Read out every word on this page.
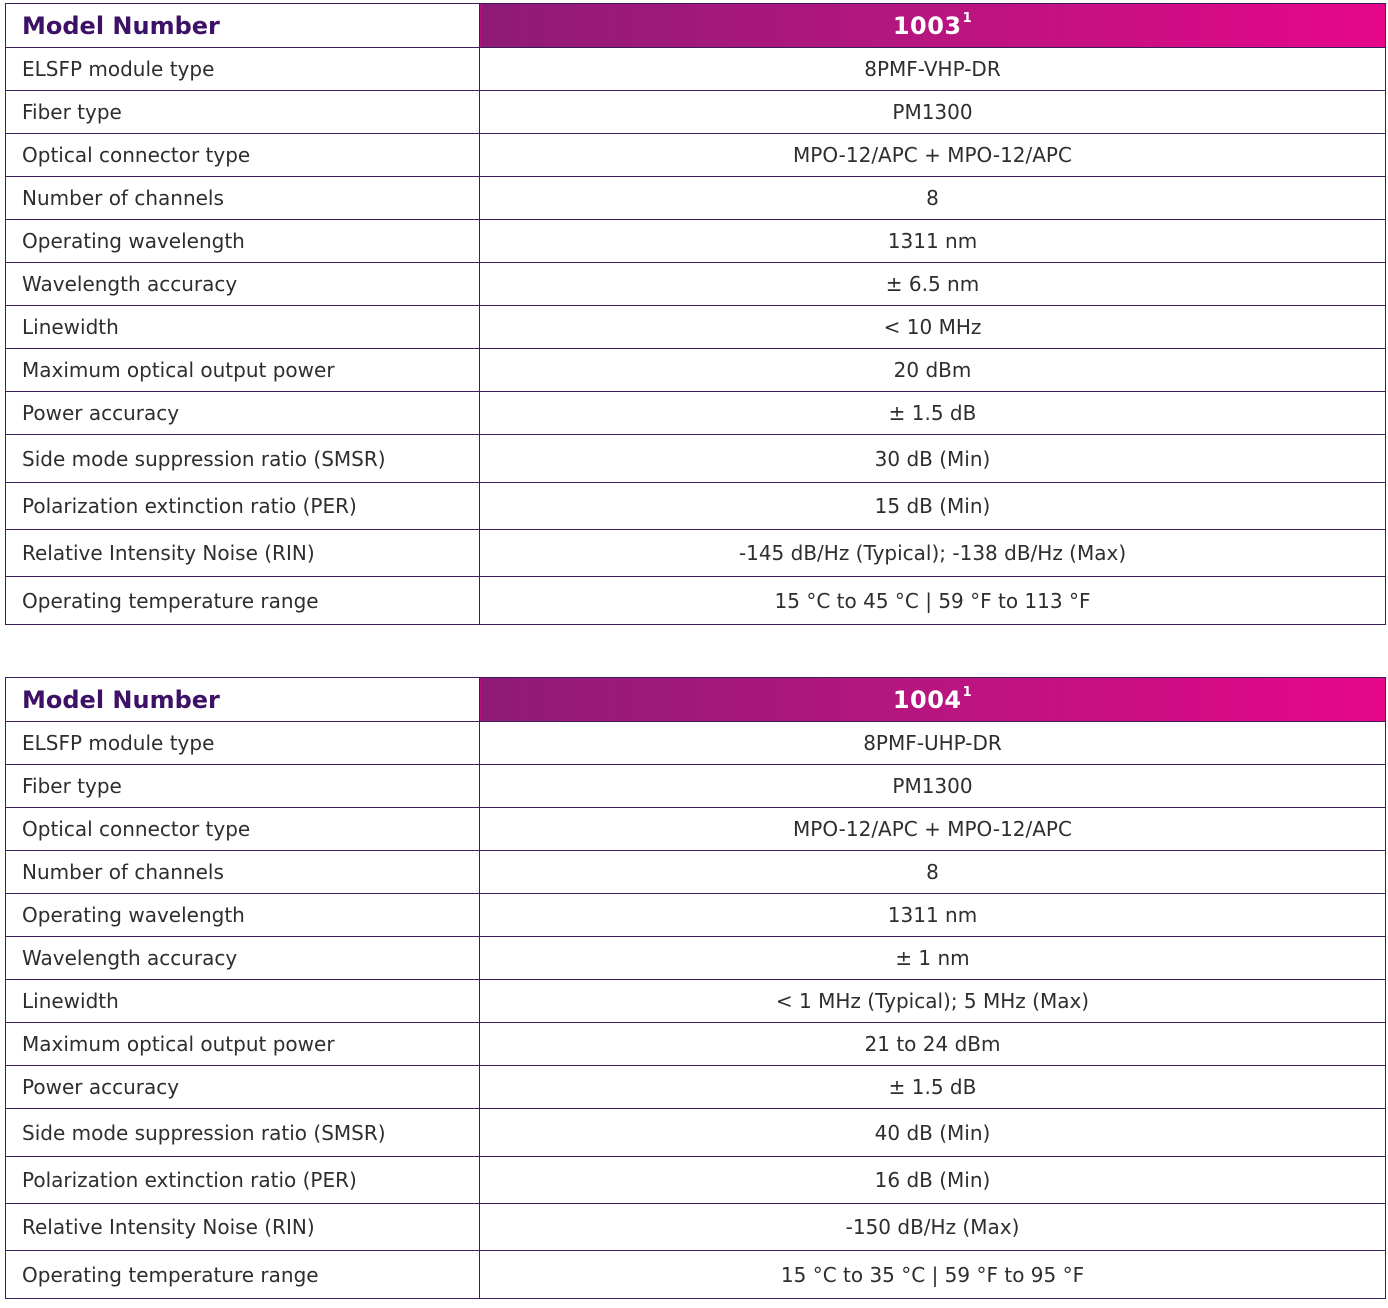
Model Number	1003$^1$
ELSFP module type	8PMF-VHP-DR
Fiber type	PM1300
Optical connector type	MPO-12/APC + MPO-12/APC
Number of channels	8
Operating wavelength	1311 nm
Wavelength accuracy	± 6.5 nm
Linewidth	< 10 MHz
Maximum optical output power	20 dBm
Power accuracy	± 1.5 dB
Side mode suppression ratio (SMSR)	30 dB (Min)
Polarization extinction ratio (PER)	15 dB (Min)
Relative Intensity Noise (RIN)	-145 dB/Hz (Typical); -138 dB/Hz (Max)
Operating temperature range	15 °C to 45 °C | 59 °F to 113 °F
Model Number	1004$^1$
ELSFP module type	8PMF-UHP-DR
Fiber type	PM1300
Optical connector type	MPO-12/APC + MPO-12/APC
Number of channels	8
Operating wavelength	1311 nm
Wavelength accuracy	± 1 nm
Linewidth	< 1 MHz (Typical); 5 MHz (Max)
Maximum optical output power	21 to 24 dBm
Power accuracy	± 1.5 dB
Side mode suppression ratio (SMSR)	40 dB (Min)
Polarization extinction ratio (PER)	16 dB (Min)
Relative Intensity Noise (RIN)	-150 dB/Hz (Max)
Operating temperature range	15 °C to 35 °C | 59 °F to 95 °F
